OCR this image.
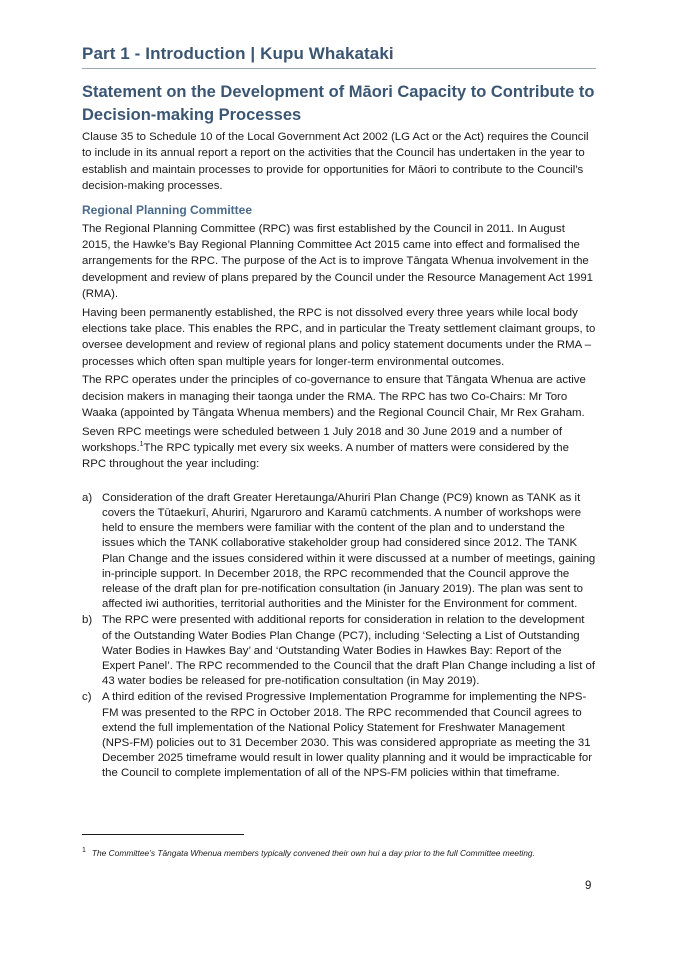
Part 1 - Introduction | Kupu Whakataki
Statement on the Development of Māori Capacity to Contribute to Decision-making Processes

Clause 35 to Schedule 10 of the Local Government Act 2002 (LG Act or the Act) requires the Council to include in its annual report a report on the activities that the Council has undertaken in the year to establish and maintain processes to provide for opportunities for Māori to contribute to the Council’s decision-making processes.

Regional Planning Committee

The Regional Planning Committee (RPC) was first established by the Council in 2011. In August 2015, the Hawke’s Bay Regional Planning Committee Act 2015 came into effect and formalised the arrangements for the RPC. The purpose of the Act is to improve Tāngata Whenua involvement in the development and review of plans prepared by the Council under the Resource Management Act 1991 (RMA).

Having been permanently established, the RPC is not dissolved every three years while local body elections take place. This enables the RPC, and in particular the Treaty settlement claimant groups, to oversee development and review of regional plans and policy statement documents under the RMA – processes which often span multiple years for longer-term environmental outcomes.

The RPC operates under the principles of co-governance to ensure that Tāngata Whenua are active decision makers in managing their taonga under the RMA. The RPC has two Co-Chairs: Mr Toro Waaka (appointed by Tāngata Whenua members) and the Regional Council Chair, Mr Rex Graham.

Seven RPC meetings were scheduled between 1 July 2018 and 30 June 2019 and a number of workshops.$^1$The RPC typically met every six weeks. A number of matters were considered by the RPC throughout the year including:

a) Consideration of the draft Greater Heretaunga/Ahuriri Plan Change (PC9) known as TANK as it covers the Tūtaekurī, Ahuriri, Ngaruroro and Karamū catchments. A number of workshops were held to ensure the members were familiar with the content of the plan and to understand the issues which the TANK collaborative stakeholder group had considered since 2012. The TANK Plan Change and the issues considered within it were discussed at a number of meetings, gaining in-principle support. In December 2018, the RPC recommended that the Council approve the release of the draft plan for pre-notification consultation (in January 2019). The plan was sent to affected iwi authorities, territorial authorities and the Minister for the Environment for comment.
b) The RPC were presented with additional reports for consideration in relation to the development of the Outstanding Water Bodies Plan Change (PC7), including ‘Selecting a List of Outstanding Water Bodies in Hawkes Bay’ and ‘Outstanding Water Bodies in Hawkes Bay: Report of the Expert Panel’. The RPC recommended to the Council that the draft Plan Change including a list of 43 water bodies be released for pre-notification consultation (in May 2019).
c) A third edition of the revised Progressive Implementation Programme for implementing the NPS-FM was presented to the RPC in October 2018. The RPC recommended that Council agrees to extend the full implementation of the National Policy Statement for Freshwater Management (NPS-FM) policies out to 31 December 2030. This was considered appropriate as meeting the 31 December 2025 timeframe would result in lower quality planning and it would be impracticable for the Council to complete implementation of all of the NPS-FM policies within that timeframe.
$^1$ The Committee’s Tāngata Whenua members typically convened their own hui a day prior to the full Committee meeting.
9
